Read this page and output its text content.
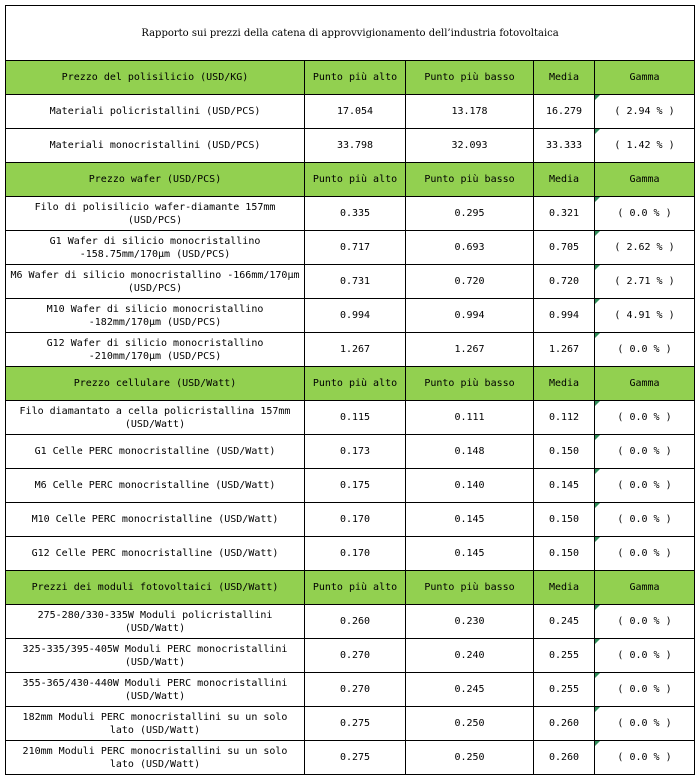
Rapporto sui prezzi della catena di approvvigionamento dell’industria fotovoltaica				
Prezzo del polisilicio (USD/KG)	Punto più alto	Punto più basso	Media	Gamma
Materiali policristallini (USD/PCS)	17.054	13.178	16.279	( 2.94 % )
Materiali monocristallini (USD/PCS)	33.798	32.093	33.333	( 1.42 % )
Prezzo wafer (USD/PCS)	Punto più alto	Punto più basso	Media	Gamma
Filo di polisilicio wafer-diamante 157mm (USD/PCS)	0.335	0.295	0.321	( 0.0 % )
G1 Wafer di silicio monocristallino -158.75mm/170μm (USD/PCS)	0.717	0.693	0.705	( 2.62 % )
M6 Wafer di silicio monocristallino -166mm/170μm (USD/PCS)	0.731	0.720	0.720	( 2.71 % )
M10 Wafer di silicio monocristallino -182mm/170μm (USD/PCS)	0.994	0.994	0.994	( 4.91 % )
G12 Wafer di silicio monocristallino -210mm/170μm (USD/PCS)	1.267	1.267	1.267	( 0.0 % )
Prezzo cellulare (USD/Watt)	Punto più alto	Punto più basso	Media	Gamma
Filo diamantato a cella policristallina 157mm (USD/Watt)	0.115	0.111	0.112	( 0.0 % )
G1 Celle PERC monocristalline (USD/Watt)	0.173	0.148	0.150	( 0.0 % )
M6 Celle PERC monocristalline (USD/Watt)	0.175	0.140	0.145	( 0.0 % )
M10 Celle PERC monocristalline (USD/Watt)	0.170	0.145	0.150	( 0.0 % )
G12 Celle PERC monocristalline (USD/Watt)	0.170	0.145	0.150	( 0.0 % )
Prezzi dei moduli fotovoltaici (USD/Watt)	Punto più alto	Punto più basso	Media	Gamma
275-280/330-335W Moduli policristallini (USD/Watt)	0.260	0.230	0.245	( 0.0 % )
325-335/395-405W Moduli PERC monocristallini (USD/Watt)	0.270	0.240	0.255	( 0.0 % )
355-365/430-440W Moduli PERC monocristallini (USD/Watt)	0.270	0.245	0.255	( 0.0 % )
182mm Moduli PERC monocristallini su un solo lato (USD/Watt)	0.275	0.250	0.260	( 0.0 % )
210mm Moduli PERC monocristallini su un solo lato (USD/Watt)	0.275	0.250	0.260	( 0.0 % )
